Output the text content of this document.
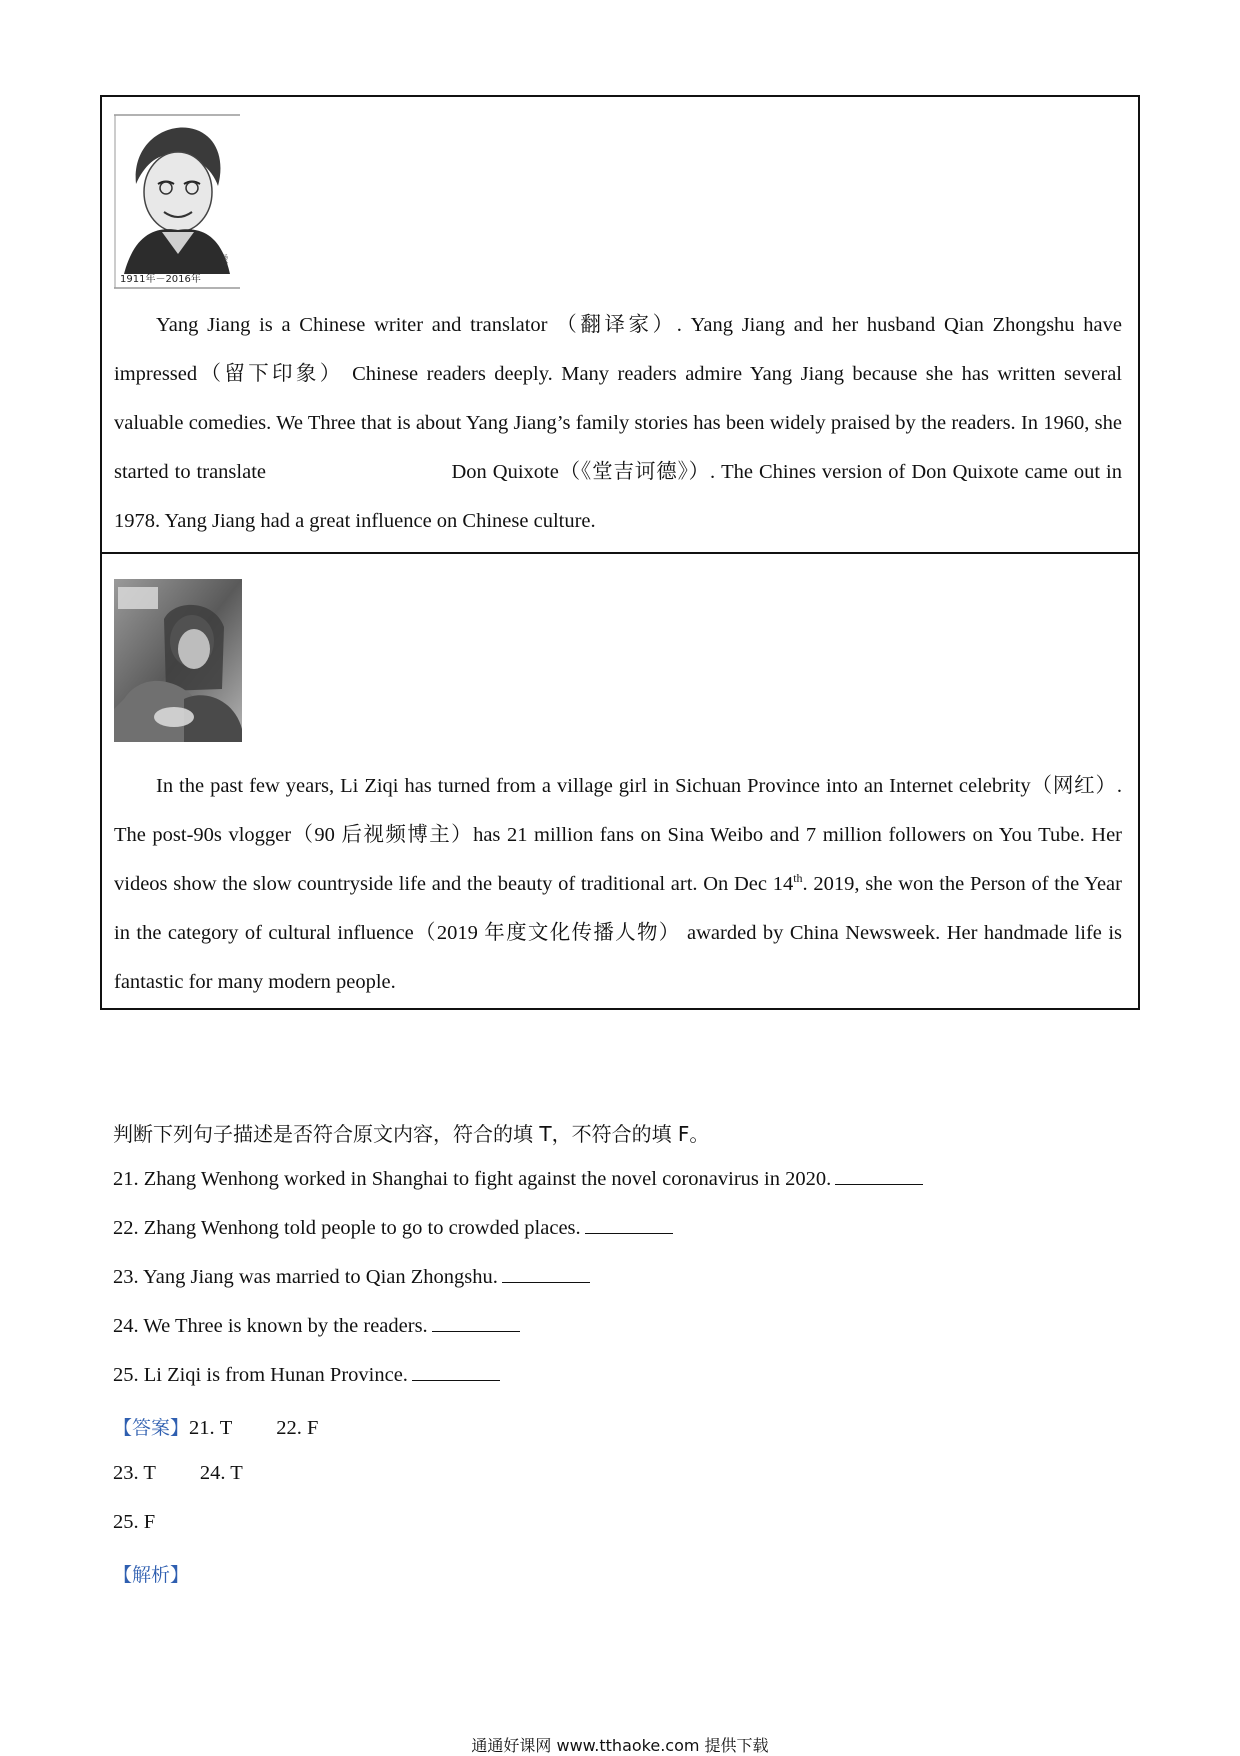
杨绛
1911年－2016年
Yang Jiang is a Chinese writer and translator （翻译家）. Yang Jiang and her husband Qian Zhongshu have impressed（留下印象） Chinese readers deeply. Many readers admire Yang Jiang because she has written several valuable comedies. We Three that is about Yang Jiang’s family stories has been widely praised by the readers. In 1960, she started to translate                               Don Quixote（《堂吉诃德》）. The Chines version of Don Quixote came out in 1978. Yang Jiang had a great influence on Chinese culture.
In the past few years, Li Ziqi has turned from a village girl in Sichuan Province into an Internet celebrity（网红）. The post-90s vlogger（90 后视频博主）has 21 million fans on Sina Weibo and 7 million followers on You Tube. Her videos show the slow countryside life and the beauty of traditional art. On Dec 14th. 2019, she won the Person of the Year in the category of cultural influence（2019 年度文化传播人物） awarded by China Newsweek. Her handmade life is fantastic for many modern people.
判断下列句子描述是否符合原文内容，符合的填 T，不符合的填 F。
21. Zhang Wenhong worked in Shanghai to fight against the novel coronavirus in 2020.
22. Zhang Wenhong told people to go to crowded places.
23. Yang Jiang was married to Qian Zhongshu.
24. We Three is known by the readers.
25. Li Ziqi is from Hunan Province.
【答案】21. T 22. F
23. T 24. T
25. F
【解析】
通通好课网 www.tthaoke.com 提供下载
